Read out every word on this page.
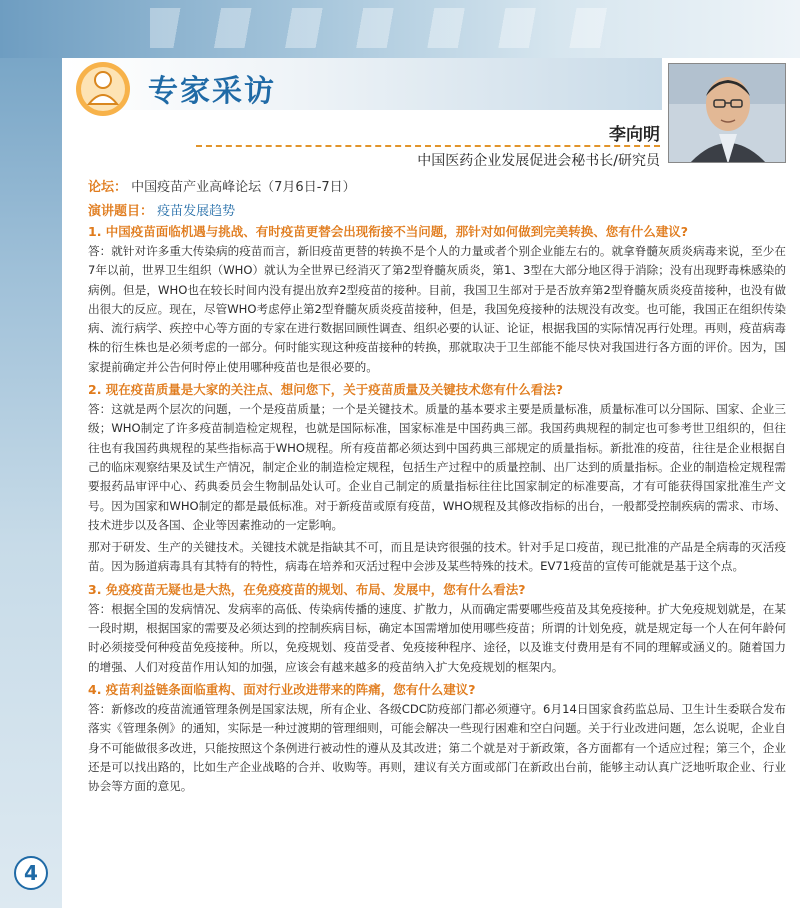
专家采访
李向明
中国医药企业发展促进会秘书长/研究员
论坛： 中国疫苗产业高峰论坛（7月6日-7日）
演讲题目： 疫苗发展趋势
1. 中国疫苗面临机遇与挑战、有时疫苗更替会出现衔接不当问题，那针对如何做到完美转换、您有什么建议?
答：就针对许多重大传染病的疫苗而言，新旧疫苗更替的转换不是个人的力量或者个别企业能左右的。就拿脊髓灰质炎病毒来说，至少在7年以前，世界卫生组织（WHO）就认为全世界已经消灭了第2型脊髓灰质炎，第1、3型在大部分地区得于消除；没有出现野毒株感染的病例。但是，WHO也在较长时间内没有提出放弃2型疫苗的接种。目前，我国卫生部对于是否放弃第2型脊髓灰质炎疫苗接种，也没有做出很大的反应。现在，尽管WHO考虑停止第2型脊髓灰质炎疫苗接种，但是，我国免疫接种的法规没有改变。也可能，我国正在组织传染病、流行病学、疾控中心等方面的专家在进行数据回顾性调查、组织必要的认证、论证，根据我国的实际情况再行处理。再则，疫苗病毒株的衍生株也是必须考虑的一部分。何时能实现这种疫苗接种的转换，那就取决于卫生部能不能尽快对我国进行各方面的评价。因为，国家提前确定并公告何时停止使用哪种疫苗也是很必要的。
2. 现在疫苗质量是大家的关注点、想问您下，关于疫苗质量及关键技术您有什么看法?
答：这就是两个层次的问题，一个是疫苗质量；一个是关键技术。质量的基本要求主要是质量标准，质量标准可以分国际、国家、企业三级；WHO制定了许多疫苗制造检定规程，也就是国际标准，国家标准是中国药典三部。我国药典规程的制定也可参考世卫组织的，但往往也有我国药典规程的某些指标高于WHO规程。所有疫苗都必须达到中国药典三部规定的质量指标。新批准的疫苗，往往是企业根据自己的临床观察结果及试生产情况，制定企业的制造检定规程，包括生产过程中的质量控制、出厂达到的质量指标。企业的制造检定规程需要报药品审评中心、药典委员会生物制品处认可。企业自己制定的质量指标往往比国家制定的标准要高，才有可能获得国家批准生产文号。因为国家和WHO制定的都是最低标准。对于新疫苗或原有疫苗，WHO规程及其修改指标的出台，一般都受控制疾病的需求、市场、技术进步以及各国、企业等因素推动的一定影响。
那对于研发、生产的关键技术。关键技术就是指缺其不可，而且是诀窍很强的技术。针对手足口疫苗，现已批准的产品是全病毒的灭活疫苗。因为肠道病毒具有其特有的特性，病毒在培养和灭活过程中会涉及某些特殊的技术。EV71疫苗的宣传可能就是基于这个点。
3. 免疫疫苗无疑也是大热，在免疫疫苗的规划、布局、发展中，您有什么看法?
答：根据全国的发病情况、发病率的高低、传染病传播的速度、扩散力，从而确定需要哪些疫苗及其免疫接种。扩大免疫规划就是，在某一段时期，根据国家的需要及必须达到的控制疾病目标，确定本国需增加使用哪些疫苗；所谓的计划免疫，就是规定每一个人在何年龄何时必须接受何种疫苗免疫接种。所以，免疫规划、疫苗受者、免疫接种程序、途径，以及谁支付费用是有不同的理解或涵义的。随着国力的增强、人们对疫苗作用认知的加强，应该会有越来越多的疫苗纳入扩大免疫规划的框架内。
4. 疫苗利益链条面临重构、面对行业改进带来的阵痛，您有什么建议?
答：新修改的疫苗流通管理条例是国家法规，所有企业、各级CDC防疫部门都必须遵守。6月14日国家食药监总局、卫生计生委联合发布落实《管理条例》的通知，实际是一种过渡期的管理细则，可能会解决一些现行困难和空白问题。关于行业改进问题，怎么说呢，企业自身不可能做很多改进，只能按照这个条例进行被动性的遵从及其改进；第二个就是对于新政策，各方面都有一个适应过程；第三个，企业还是可以找出路的，比如生产企业战略的合并、收购等。再则，建议有关方面或部门在新政出台前，能够主动认真广泛地听取企业、行业协会等方面的意见。
4
